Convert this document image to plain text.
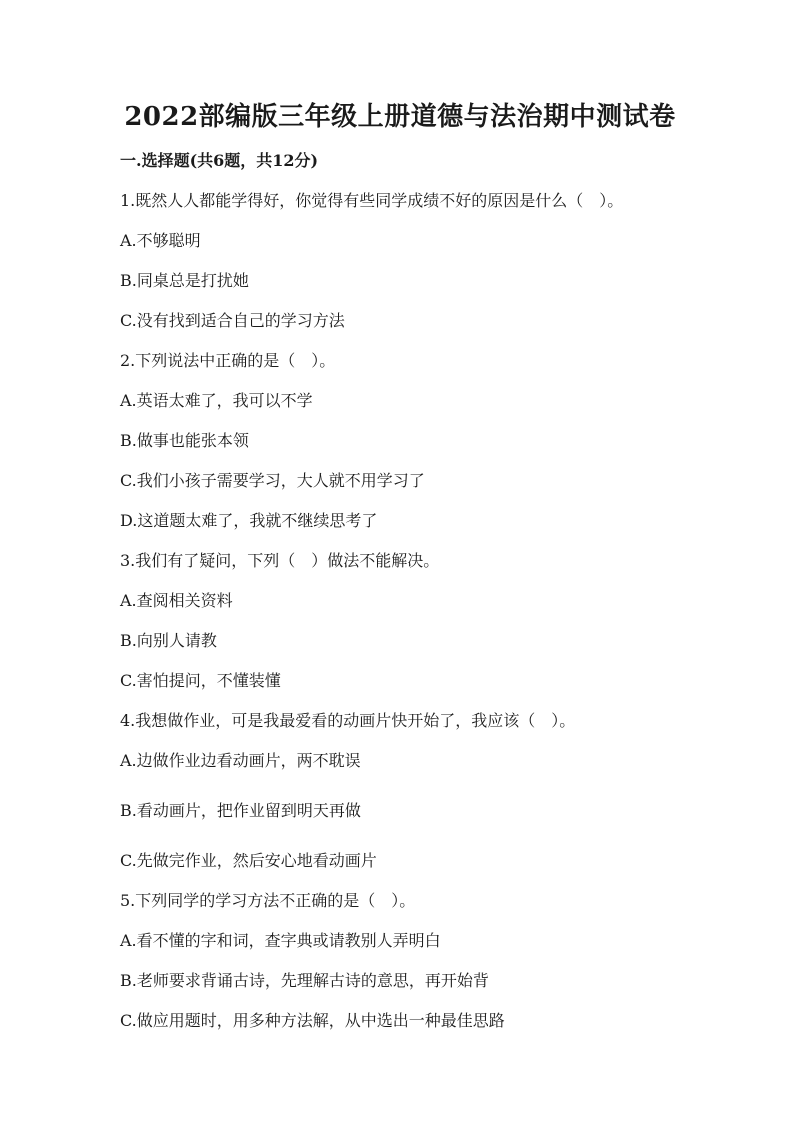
2022部编版三年级上册道德与法治期中测试卷
一.选择题(共6题，共12分)
1.既然人人都能学得好，你觉得有些同学成绩不好的原因是什么（　）。
A.不够聪明
B.同桌总是打扰她
C.没有找到适合自己的学习方法
2.下列说法中正确的是（　）。
A.英语太难了，我可以不学
B.做事也能张本领
C.我们小孩子需要学习，大人就不用学习了
D.这道题太难了，我就不继续思考了
3.我们有了疑问，下列（　）做法不能解决。
A.查阅相关资料
B.向别人请教
C.害怕提问，不懂装懂
4.我想做作业，可是我最爱看的动画片快开始了，我应该（　）。
A.边做作业边看动画片，两不耽误
B.看动画片，把作业留到明天再做
C.先做完作业，然后安心地看动画片
5.下列同学的学习方法不正确的是（　）。
A.看不懂的字和词，查字典或请教别人弄明白
B.老师要求背诵古诗，先理解古诗的意思，再开始背
C.做应用题时，用多种方法解，从中选出一种最佳思路
